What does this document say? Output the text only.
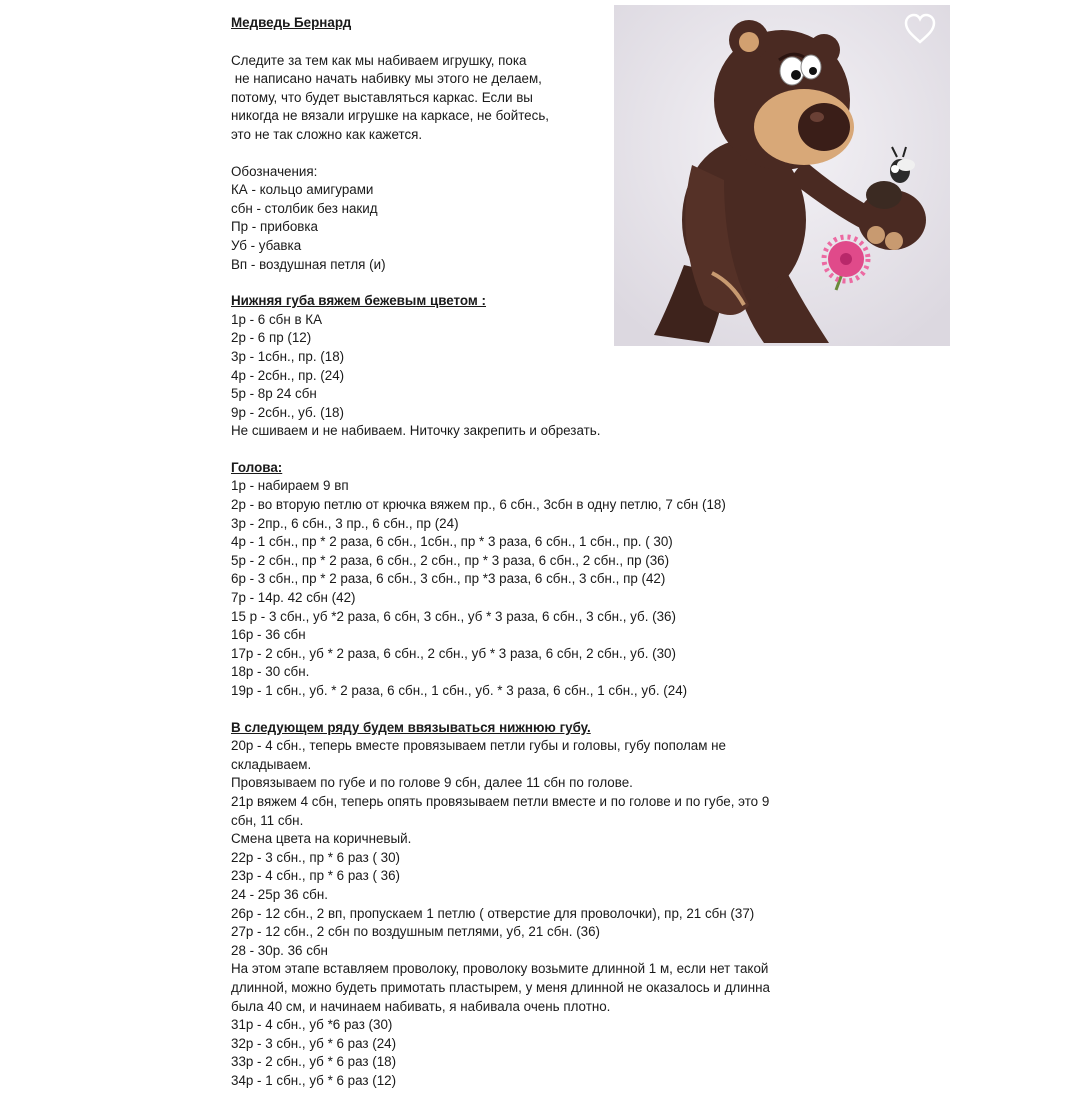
Медведь Бернард
Следите за тем как мы набиваем игрушку, пока
не написано начать набивку мы этого не делаем,
потому, что будет выставляться каркас. Если вы
никогда не вязали игрушке на каркасе, не бойтесь,
это не так сложно как кажется.
Обозначения:
КА - кольцо амигурами
сбн - столбик без накид
Пр - прибовка
Уб - убавка
Вп - воздушная петля (и)
Нижняя губа вяжем бежевым цветом :
1р - 6 сбн в КА
2р - 6 пр (12)
3р - 1сбн., пр. (18)
4р - 2сбн., пр. (24)
5р - 8р 24 сбн
9р - 2сбн., уб. (18)
Не сшиваем и не набиваем. Ниточку закрепить и обрезать.
Голова:
1р - набираем 9 вп
2р - во вторую петлю от крючка вяжем пр., 6 сбн., 3сбн в одну петлю, 7 сбн (18)
3р - 2пр., 6 сбн., 3 пр., 6 сбн., пр (24)
4р - 1 сбн., пр * 2 раза, 6 сбн., 1сбн., пр * 3 раза, 6 сбн., 1 сбн., пр. ( 30)
5р - 2 сбн., пр * 2 раза, 6 сбн., 2 сбн., пр * 3 раза, 6 сбн., 2 сбн., пр (36)
6р - 3 сбн., пр * 2 раза, 6 сбн., 3 сбн., пр *3 раза, 6 сбн., 3 сбн., пр (42)
7р - 14р. 42 сбн (42)
15 р - 3 сбн., уб *2 раза, 6 сбн, 3 сбн., уб * 3 раза, 6 сбн., 3 сбн., уб. (36)
16р - 36 сбн
17р - 2 сбн., уб * 2 раза, 6 сбн., 2 сбн., уб * 3 раза, 6 сбн, 2 сбн., уб. (30)
18р - 30 сбн.
19р - 1 сбн., уб. * 2 раза, 6 сбн., 1 сбн., уб. * 3 раза, 6 сбн., 1 сбн., уб. (24)
В следующем ряду будем ввязываться нижнюю губу.
20р - 4 сбн., теперь вместе провязываем петли губы и головы, губу пополам не
складываем.
Провязываем по губе и по голове 9 сбн, далее 11 сбн по голове.
21р вяжем 4 сбн, теперь опять провязываем петли вместе и по голове и по губе, это 9
сбн, 11 сбн.
Смена цвета на коричневый.
22р - 3 сбн., пр * 6 раз ( 30)
23р - 4 сбн., пр * 6 раз ( 36)
24 - 25р 36 сбн.
26р - 12 сбн., 2 вп, пропускаем 1 петлю ( отверстие для проволочки), пр, 21 сбн (37)
27р - 12 сбн., 2 сбн по воздушным петлями, уб, 21 сбн. (36)
28 - 30р. 36 сбн
На этом этапе вставляем проволоку, проволоку возьмите длинной 1 м, если нет такой
длинной, можно будеть примотать пластырем, у меня длинной не оказалось и длинна
была 40 см, и начинаем набивать, я набивала очень плотно.
31р - 4 сбн., уб *6 раз (30)
32р - 3 сбн., уб * 6 раз (24)
33р - 2 сбн., уб * 6 раз (18)
34р - 1 сбн., уб * 6 раз (12)
